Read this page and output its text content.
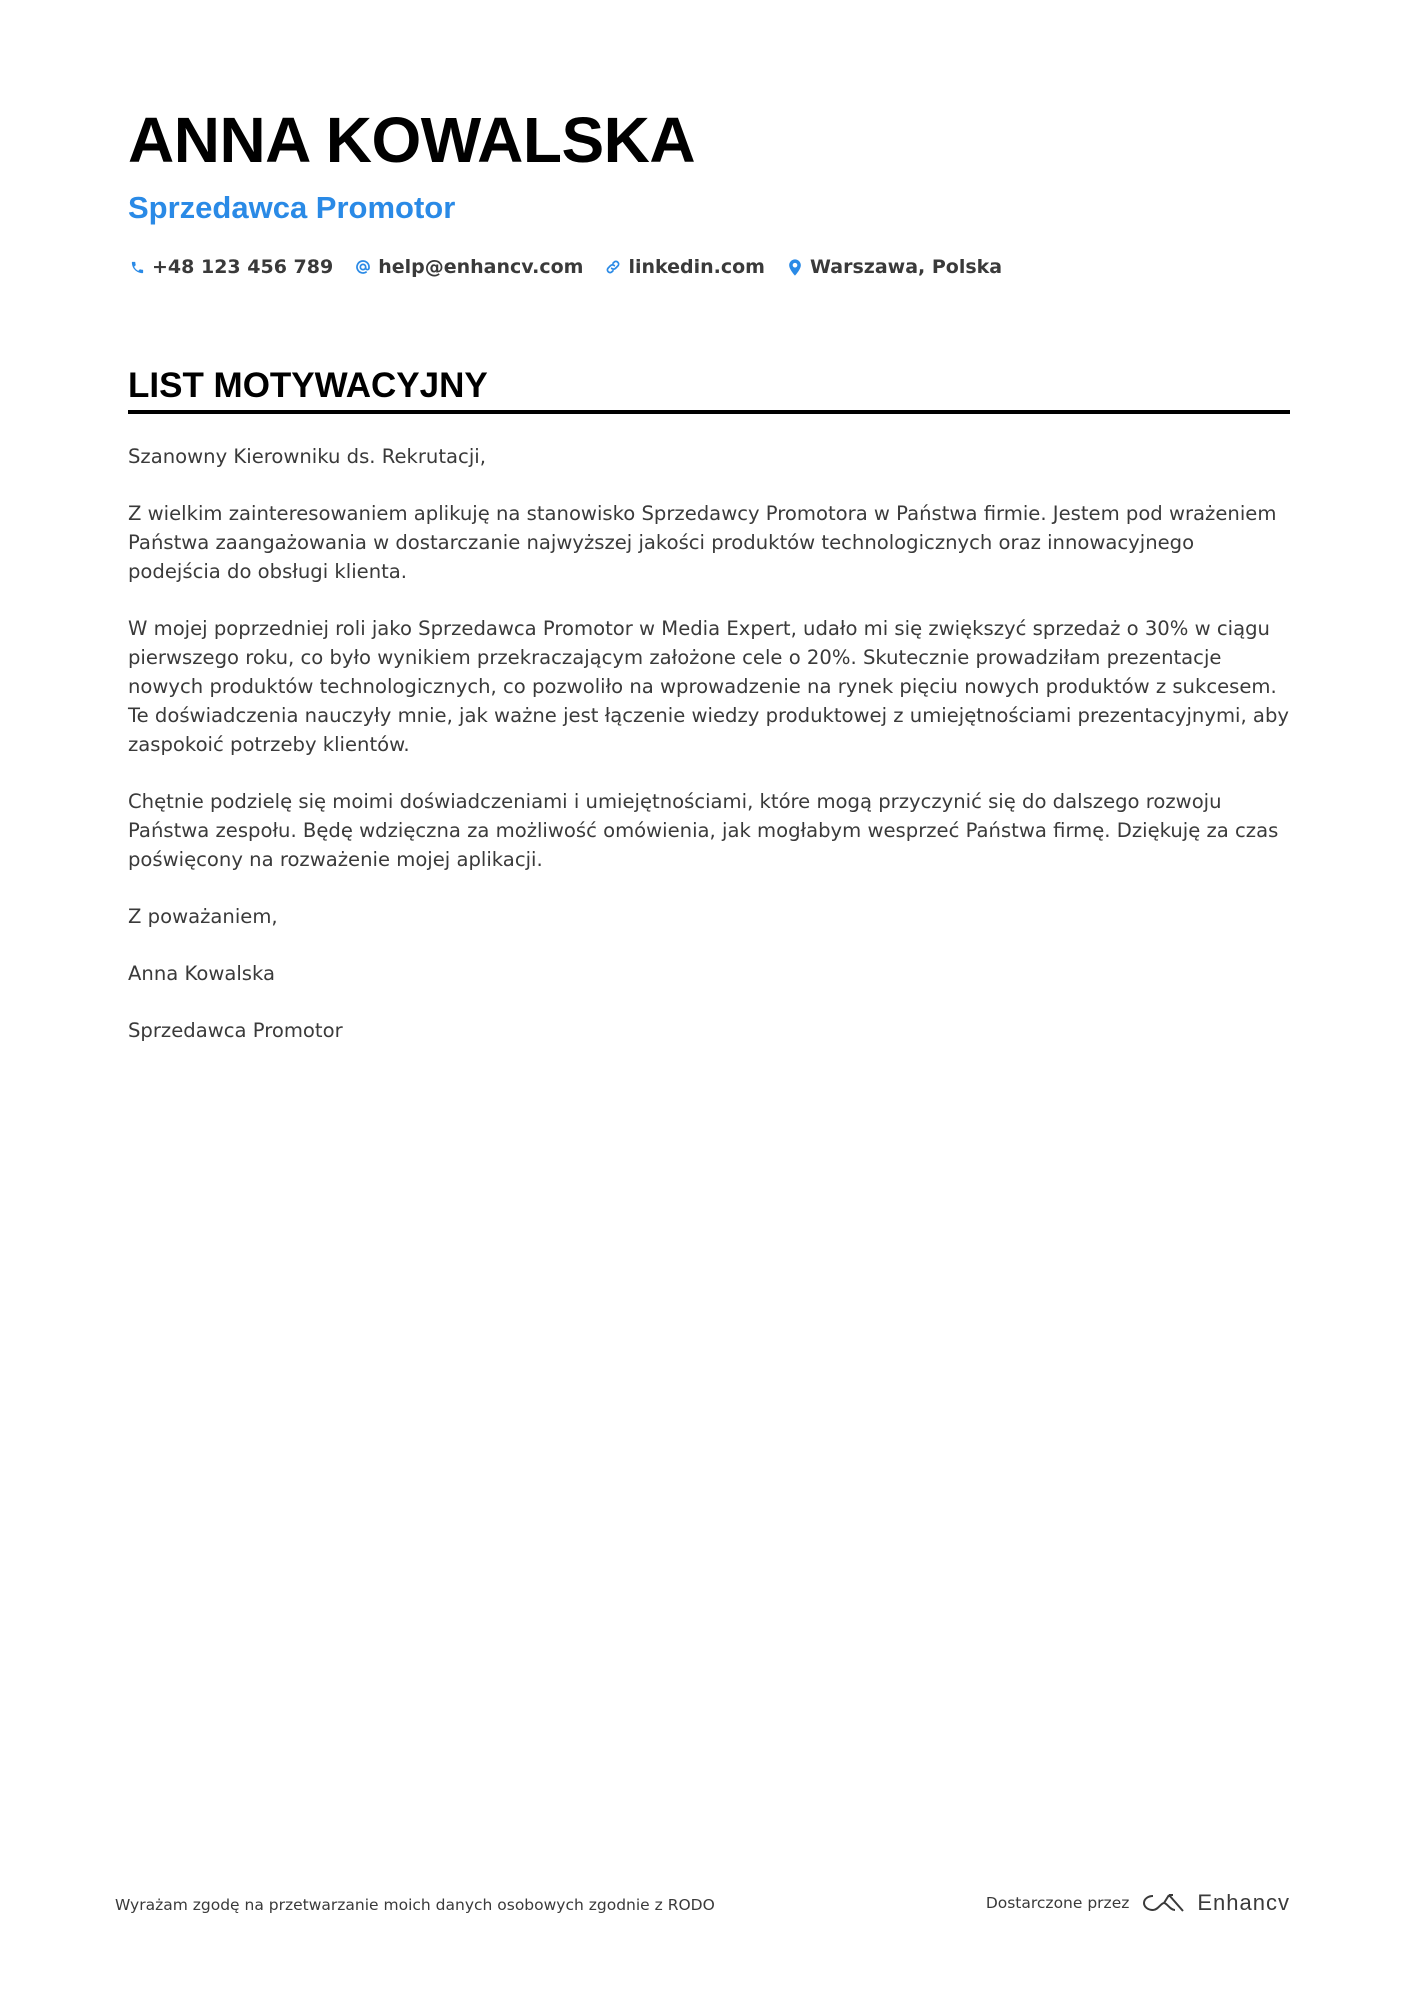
ANNA KOWALSKA
Sprzedawca Promotor
+48 123 456 789 help@enhancv.com linkedin.com Warszawa, Polska
LIST MOTYWACYJNY

Szanowny Kierowniku ds. Rekrutacji,

Z wielkim zainteresowaniem aplikuję na stanowisko Sprzedawcy Promotora w Państwa firmie. Jestem pod wrażeniem Państwa zaangażowania w dostarczanie najwyższej jakości produktów technologicznych oraz innowacyjnego podejścia do obsługi klienta.

W mojej poprzedniej roli jako Sprzedawca Promotor w Media Expert, udało mi się zwiększyć sprzedaż o 30% w ciągu pierwszego roku, co było wynikiem przekraczającym założone cele o 20%. Skutecznie prowadziłam prezentacje nowych produktów technologicznych, co pozwoliło na wprowadzenie na rynek pięciu nowych produktów z sukcesem. Te doświadczenia nauczyły mnie, jak ważne jest łączenie wiedzy produktowej z umiejętnościami prezentacyjnymi, aby zaspokoić potrzeby klientów.

Chętnie podzielę się moimi doświadczeniami i umiejętnościami, które mogą przyczynić się do dalszego rozwoju Państwa zespołu. Będę wdzięczna za możliwość omówienia, jak mogłabym wesprzeć Państwa firmę. Dziękuję za czas poświęcony na rozważenie mojej aplikacji.

Z poważaniem,

Anna Kowalska

Sprzedawca Promotor

Wyrażam zgodę na przetwarzanie moich danych osobowych zgodnie z RODO	Dostarczone przez	Enhancv
